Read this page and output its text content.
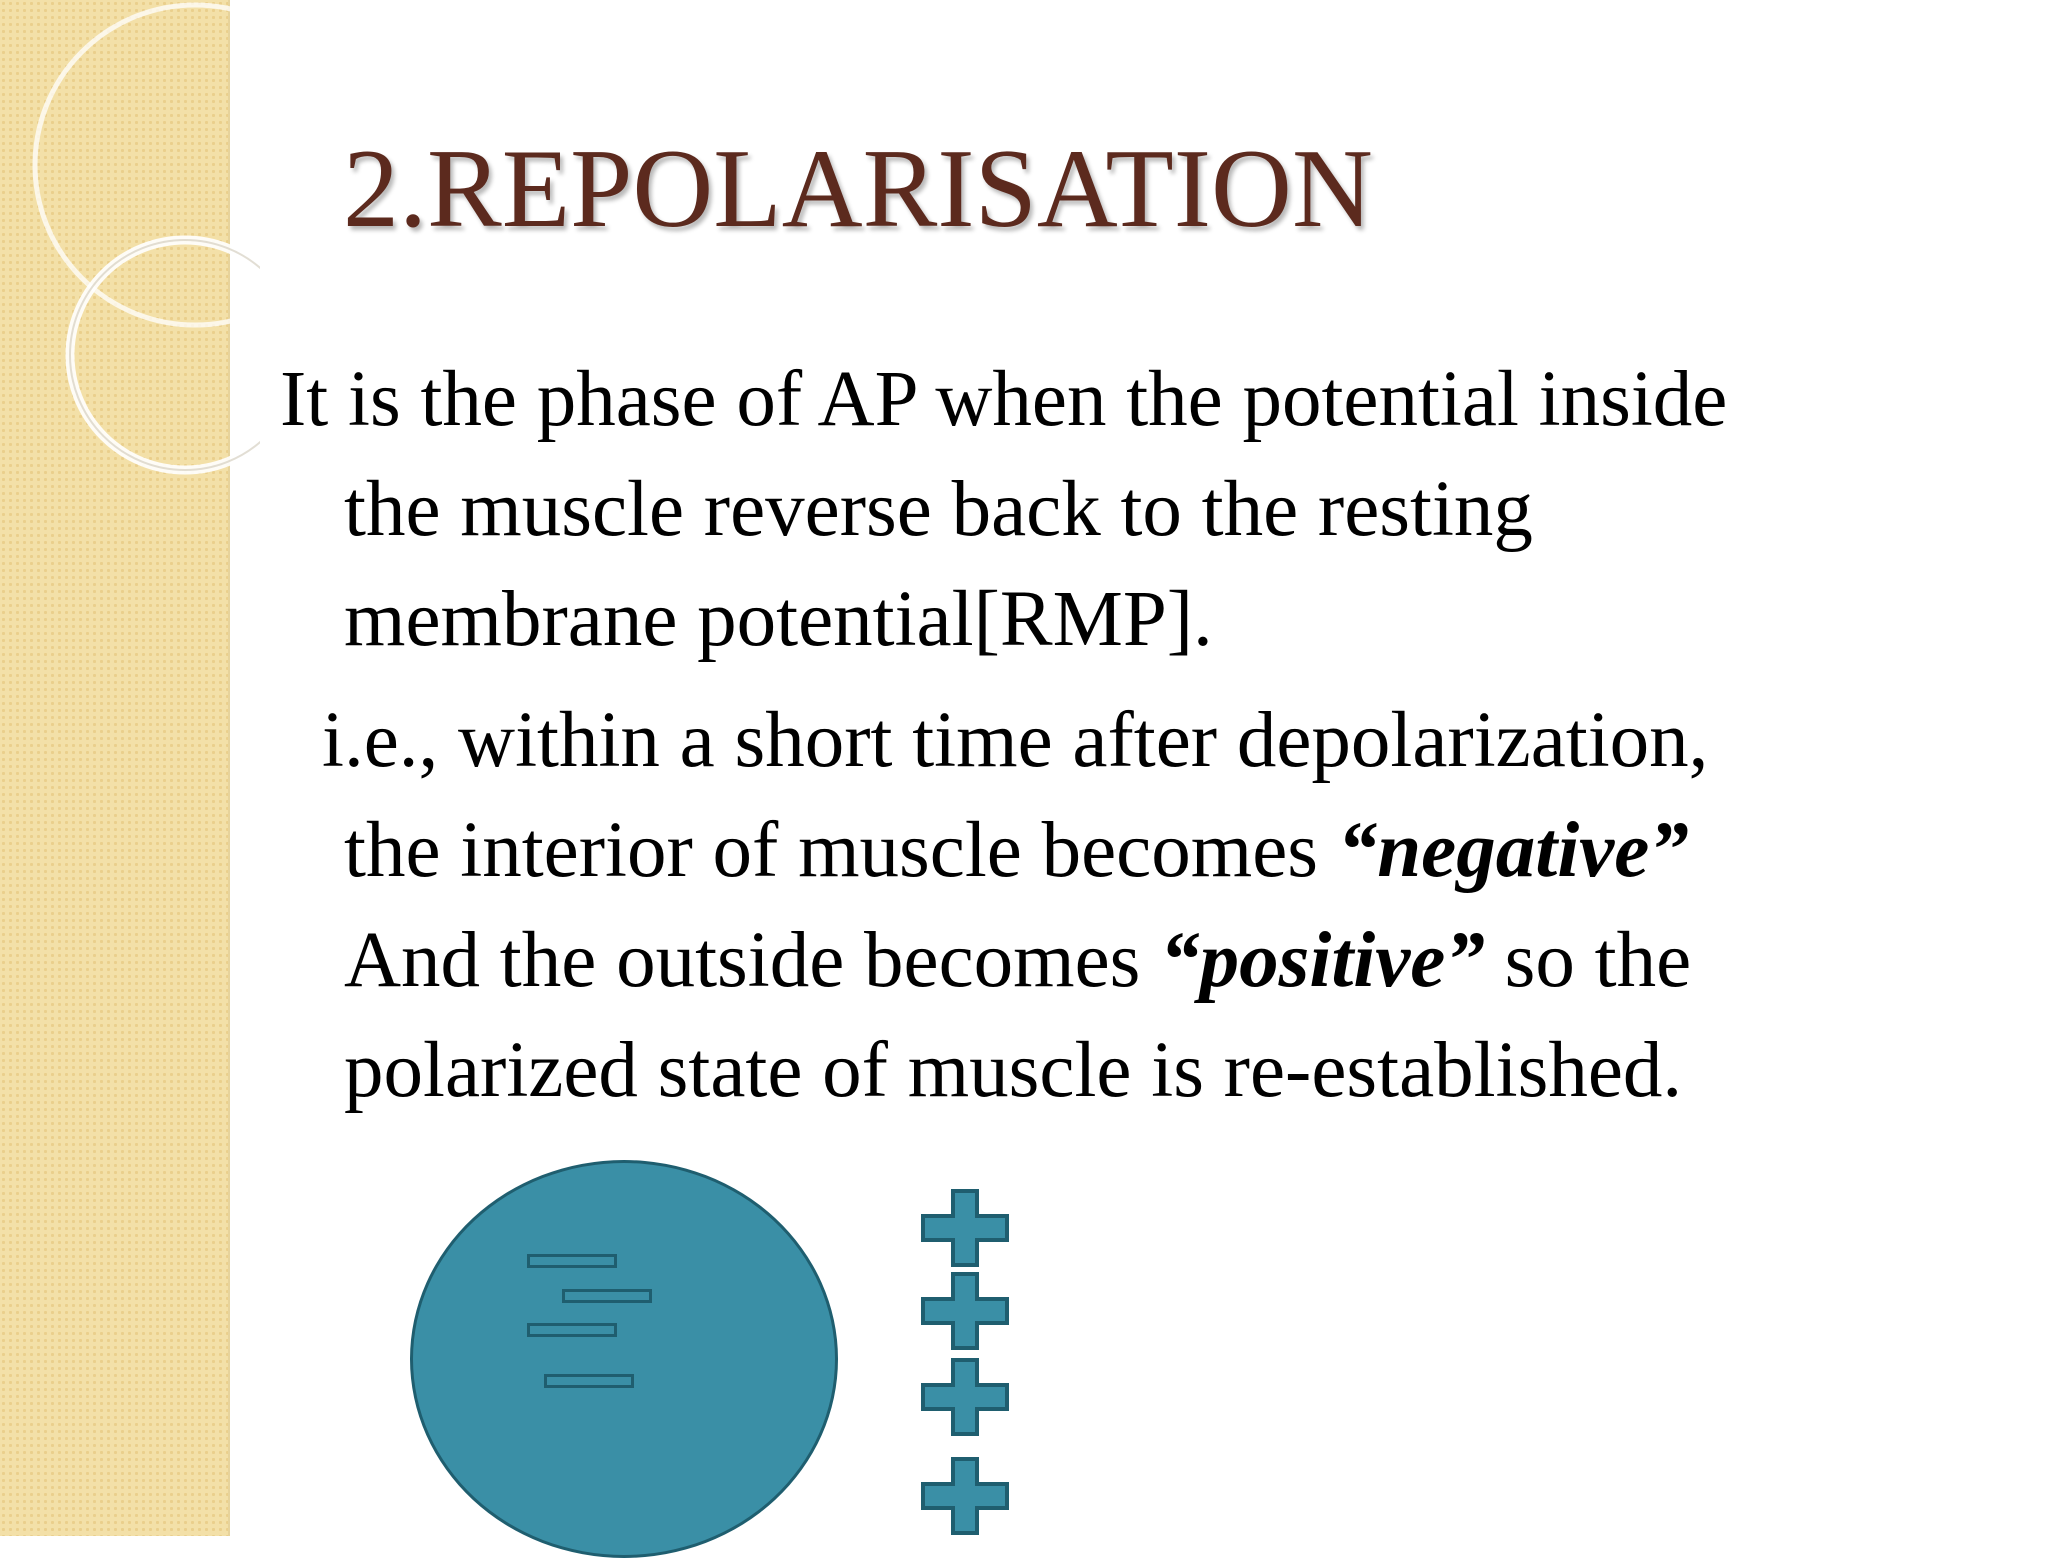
2.REPOLARISATION

It is the phase of AP when the potential inside
the muscle reverse back to the resting
membrane potential[RMP].

i.e., within a short time after depolarization,
the interior of muscle becomes “negative”
And the outside becomes “positive” so the
polarized state of muscle is re-established.
